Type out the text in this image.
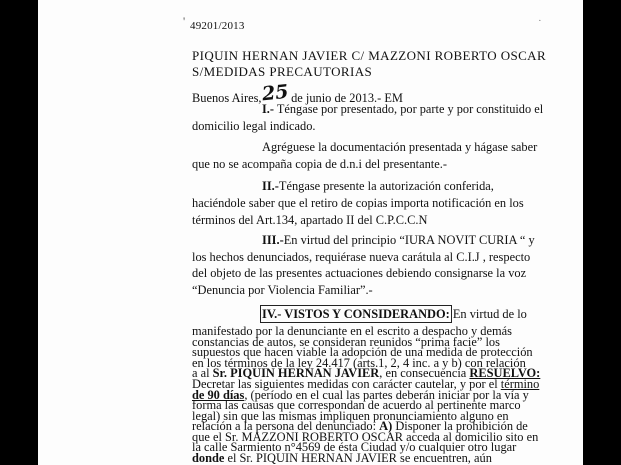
'	·
49201/2013
PIQUIN HERNAN JAVIER C/ MAZZONI ROBERTO OSCAR
S/MEDIDAS PRECAUTORIAS
Buenos Aires,25 de junio de 2013.- EM
I.- Téngase por presentado, por parte y por constituido el
domicilio legal indicado.
Agréguese la documentación presentada y hágase saber
que no se acompaña copia de d.n.i del presentante.-
II.-Téngase presente la autorización conferida,
haciéndole saber que el retiro de copias importa notificación en los
términos del Art.134, apartado II del C.P.C.C.N
III.-En virtud del principio “IURA NOVIT CURIA “ y
los hechos denunciados, requiérase nueva carátula al C.I.J , respecto
del objeto de las presentes actuaciones debiendo consignarse la voz
“Denuncia por Violencia Familiar”.-
IV.- VISTOS Y CONSIDERANDO: En virtud de lo
manifestado por la denunciante en el escrito a despacho y demás
constancias de autos, se consideran reunidos “prima facie” los
supuestos que hacen viable la adopción de una medida de protección
en los términos de la ley 24.417 (arts.1, 2, 4 inc. a y b) con relación
a al Sr. PIQUIN HERNAN JAVIER, en consecuencia RESUELVO:
Decretar las siguientes medidas con carácter cautelar, y por el término
de 90 días, (período en el cual las partes deberán iniciar por la vía y
forma las causas que correspondan de acuerdo al pertinente marco
legal) sin que las mismas impliquen pronunciamiento alguno en
relación a la persona del denunciado: A) Disponer la prohibición de
que el Sr. MAZZONI ROBERTO OSCAR acceda al domicilio sito en
la calle Sarmiento n°4569 de ésta Ciudad y/o cualquier otro lugar
donde el Sr. PIQUIN HERNAN JAVIER se encuentren, aún
